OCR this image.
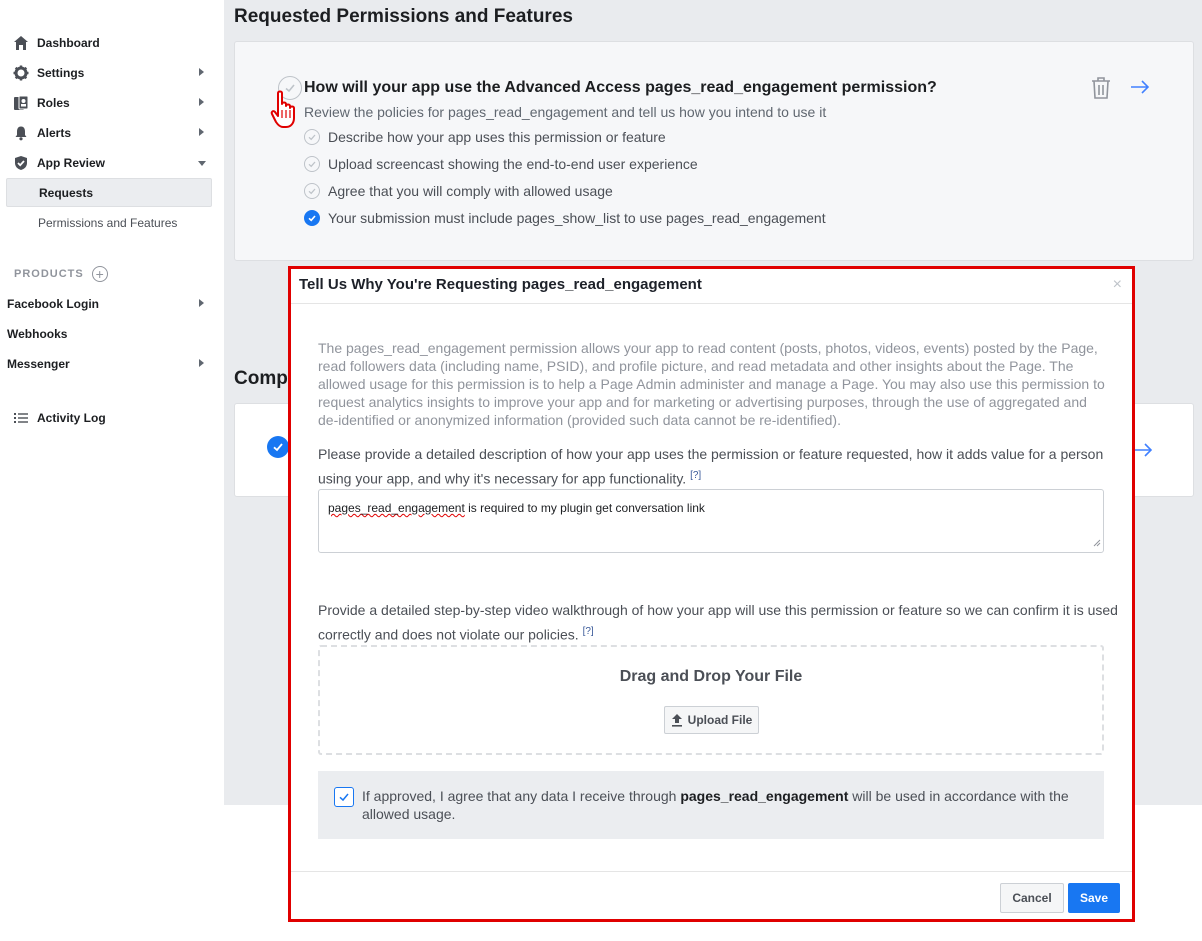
Dashboard
Settings
Roles
Alerts
App Review
Requests
Permissions and Features
PRODUCTS +
Facebook Login
Webhooks
Messenger
Activity Log
Requested Permissions and Features
How will your app use the Advanced Access pages_read_engagement permission?
Review the policies for pages_read_engagement and tell us how you intend to use it
Describe how your app uses this permission or feature
Upload screencast showing the end-to-end user experience
Agree that you will comply with allowed usage
Your submission must include pages_show_list to use pages_read_engagement
Comp
Tell Us Why You're Requesting pages_read_engagement	×
The pages_read_engagement permission allows your app to read content (posts, photos, videos, events) posted by the Page, read followers data (including name, PSID), and profile picture, and read metadata and other insights about the Page. The allowed usage for this permission is to help a Page Admin administer and manage a Page. You may also use this permission to request analytics insights to improve your app and for marketing or advertising purposes, through the use of aggregated and de-identified or anonymized information (provided such data cannot be re-identified).
Please provide a detailed description of how your app uses the permission or feature requested, how it adds value for a person using your app, and why it's necessary for app functionality. [?]
pages_read_engagement is required to my plugin get conversation link
Provide a detailed step-by-step video walkthrough of how your app will use this permission or feature so we can confirm it is used correctly and does not violate our policies. [?]
Drag and Drop Your File
Upload File
If approved, I agree that any data I receive through pages_read_engagement will be used in accordance with the allowed usage.
Cancel	Save
